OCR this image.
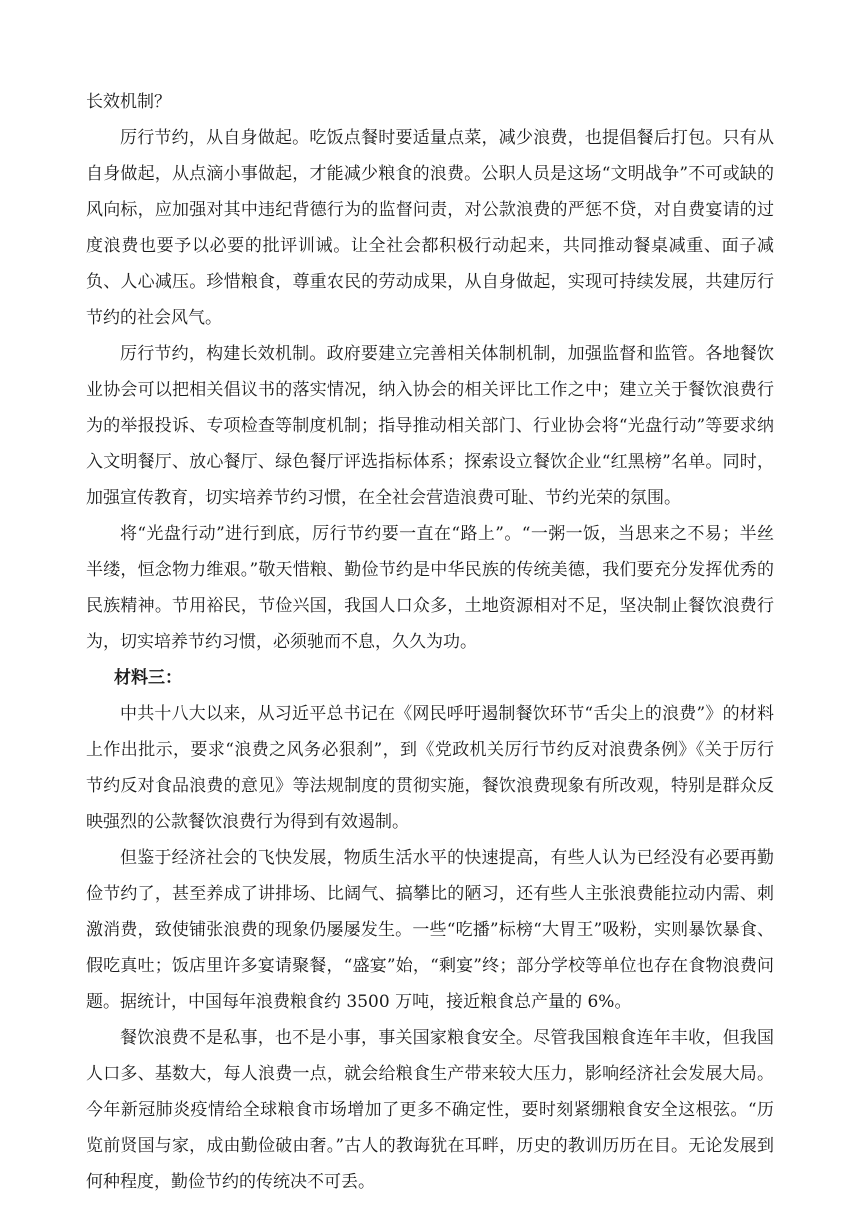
长效机制？

厉行节约，从自身做起。吃饭点餐时要适量点菜，减少浪费，也提倡餐后打包。只有从自身做起，从点滴小事做起，才能减少粮食的浪费。公职人员是这场“文明战争”不可或缺的风向标，应加强对其中违纪背德行为的监督问责，对公款浪费的严惩不贷，对自费宴请的过度浪费也要予以必要的批评训诫。让全社会都积极行动起来，共同推动餐桌减重、面子减负、人心减压。珍惜粮食，尊重农民的劳动成果，从自身做起，实现可持续发展，共建厉行节约的社会风气。

厉行节约，构建长效机制。政府要建立完善相关体制机制，加强监督和监管。各地餐饮业协会可以把相关倡议书的落实情况，纳入协会的相关评比工作之中；建立关于餐饮浪费行为的举报投诉、专项检查等制度机制；指导推动相关部门、行业协会将“光盘行动”等要求纳入文明餐厅、放心餐厅、绿色餐厅评选指标体系；探索设立餐饮企业“红黑榜”名单。同时，加强宣传教育，切实培养节约习惯，在全社会营造浪费可耻、节约光荣的氛围。

将“光盘行动”进行到底，厉行节约要一直在“路上”。“一粥一饭，当思来之不易；半丝半缕，恒念物力维艰。”敬天惜粮、勤俭节约是中华民族的传统美德，我们要充分发挥优秀的民族精神。节用裕民，节俭兴国，我国人口众多，土地资源相对不足，坚决制止餐饮浪费行为，切实培养节约习惯，必须驰而不息，久久为功。

材料三：

中共十八大以来，从习近平总书记在《网民呼吁遏制餐饮环节“舌尖上的浪费”》的材料上作出批示，要求“浪费之风务必狠刹”，到《党政机关厉行节约反对浪费条例》《关于厉行节约反对食品浪费的意见》等法规制度的贯彻实施，餐饮浪费现象有所改观，特别是群众反映强烈的公款餐饮浪费行为得到有效遏制。

但鉴于经济社会的飞快发展，物质生活水平的快速提高，有些人认为已经没有必要再勤俭节约了，甚至养成了讲排场、比阔气、搞攀比的陋习，还有些人主张浪费能拉动内需、刺激消费，致使铺张浪费的现象仍屡屡发生。一些“吃播”标榜“大胃王”吸粉，实则暴饮暴食、假吃真吐；饭店里许多宴请聚餐，“盛宴”始，“剩宴”终；部分学校等单位也存在食物浪费问题。据统计，中国每年浪费粮食约 3500 万吨，接近粮食总产量的 6%。

餐饮浪费不是私事，也不是小事，事关国家粮食安全。尽管我国粮食连年丰收，但我国人口多、基数大，每人浪费一点，就会给粮食生产带来较大压力，影响经济社会发展大局。今年新冠肺炎疫情给全球粮食市场增加了更多不确定性，要时刻紧绷粮食安全这根弦。“历览前贤国与家，成由勤俭破由奢。”古人的教诲犹在耳畔，历史的教训历历在目。无论发展到何种程度，勤俭节约的传统决不可丢。
